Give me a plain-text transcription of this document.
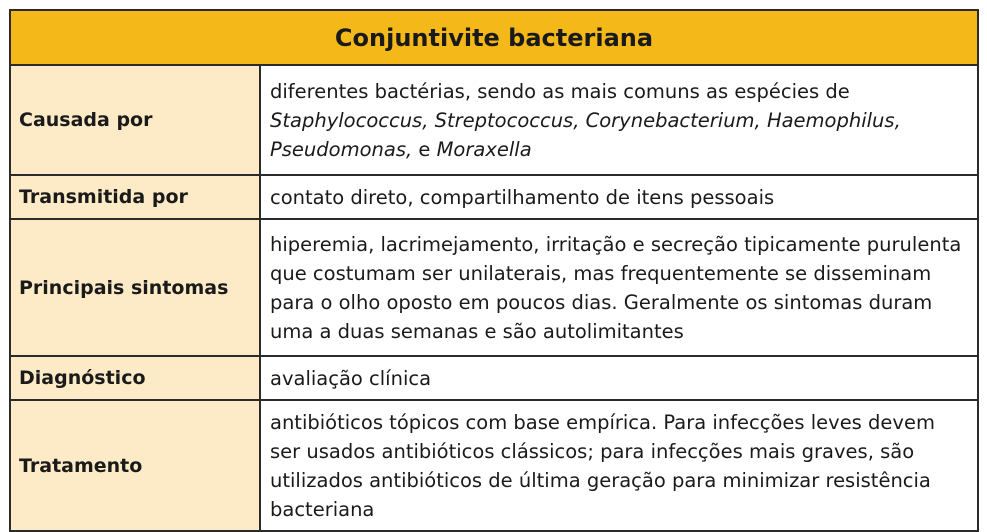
Conjuntivite bacteriana
Causada por

diferentes bactérias, sendo as mais comuns as espécies de Staphylococcus, Streptococcus, Corynebacterium, Haemophilus, Pseudomonas, e Moraxella

Transmitida por	contato direto, compartilhamento de itens pessoais

Principais sintomas

hiperemia, lacrimejamento, irritação e secreção tipicamente purulenta que costumam ser unilaterais, mas frequentemente se disseminam para o olho oposto em poucos dias. Geralmente os sintomas duram uma a duas semanas e são autolimitantes

Diagnóstico	avaliação clínica

Tratamento

antibióticos tópicos com base empírica. Para infecções leves devem ser usados antibióticos clássicos; para infecções mais graves, são utilizados antibióticos de última geração para minimizar resistência bacteriana
